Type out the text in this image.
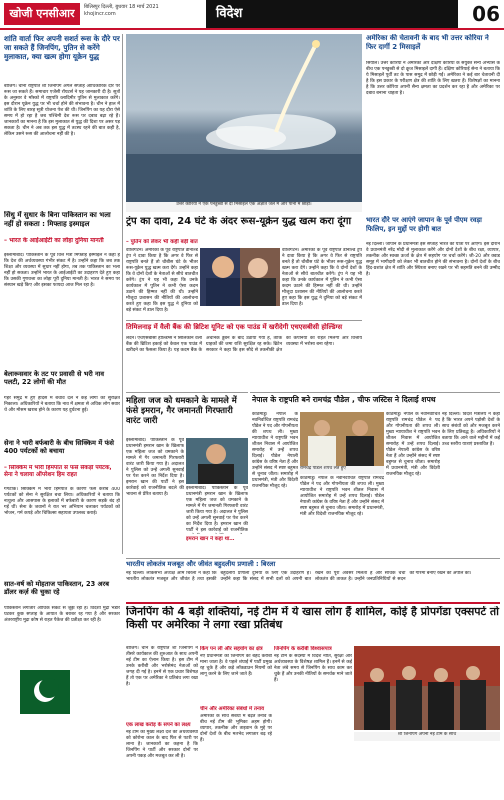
खोजी एनसीआर	बिलिस्पुर दिल्ली, बुधवार 18 मार्च 2021
khojincr.com	विदेश	06
शांति वार्ता फिर अपनी सशर्त रूस के दौरे पर जा सकते हैं जिनपिंग, पुतिन से करेंगे मुलाकात, क्या खत्म होगा यूक्रेन युद्ध
बीजिंग। चीनी राष्ट्रपति शी जिनपिंग अगले सप्ताह आधिकारिक दौरे पर रूस जा सकते हैं। समाचार एजेंसी रॉयटर्स ने यह जानकारी दी है। सूत्रों के अनुसार वे मॉस्को में राष्ट्रपति व्लादिमीर पुतिन से मुलाकात करेंगे। इस दौरान यूक्रेन युद्ध पर भी चर्चा होने की संभावना है। चीन ने हाल में शांति के लिए बारह सूत्री योजना पेश की थी। जिनपिंग का यह दौरा ऐसे समय में हो रहा है जब पश्चिमी देश रूस पर दबाव बढ़ा रहे हैं। जानकारों का मानना है कि इस मुलाकात से युद्ध की दिशा पर असर पड़ सकता है। चीन ने अब तक इस युद्ध में तटस्थ रहने की बात कही है, लेकिन उसने रूस की आलोचना नहीं की है।
सिंधु में सुधार के बिना पाकिस्तान का भला नहीं हो सकता : मिफ्ताह इस्माइल
– भारत के आईआईटी का लोहा दुनिया मानती
इस्लामाबाद। पाकिस्तान के पूर्व वित्त मंत्री मिफ्ताह इस्माइल ने कहा है कि देश की अर्थव्यवस्था गंभीर संकट में है। उन्होंने कहा कि जब तक शिक्षा और व्यवस्था में सुधार नहीं होगा, तब तक पाकिस्तान का भला नहीं हो सकता। उन्होंने भारत के आईआईटी का उदाहरण देते हुए कहा कि उसकी गुणवत्ता का लोहा पूरी दुनिया मानती है। भारत ने समय पर संस्थान खड़े किए और इसका फायदा आज मिल रहा है।
बेलारूसवार के तट पर प्रवासी से भरी नाव पलटी, 22 लोगों की मौत
गहरे समुद्र में हुए हादसे में बचाव दल ने कई लोगों को सुरक्षित निकाला। अधिकारियों ने बताया कि नाव में क्षमता से अधिक लोग सवार थे और मौसम खराब होने के कारण यह दुर्घटना हुई।
सेना ने भारी बर्फबारी के बीच सिक्किम में फंसे 400 पर्यटकों को बचाया
– सिक्किम में भारी हिमपात से फंसे सैकड़ों पर्यटक, सेना ने चलाया ऑपरेशन हिम राहत
गंगटोक। सिक्किम में भारी हिमपात के कारण फंसे करीब 400 पर्यटकों को सेना ने सुरक्षित बचा लिया। अधिकारियों ने बताया कि नाथुला और आसपास के इलाकों में बर्फबारी के कारण सड़कें बंद हो गई थीं। सेना के जवानों ने रात भर अभियान चलाकर पर्यटकों को भोजन, गर्म कपड़े और चिकित्सा सहायता उपलब्ध कराई।
सात-वर्ष को मोहताज पाकिस्तान, 23 अरब डॉलर कर्ज़ की चुका रहे
पाकिस्तान लगातार आर्थिक संकट से जूझ रहा है। विदेशी मुद्रा भंडार घटकर कुछ सप्ताह के आयात के बराबर रह गया है और सरकार अंतरराष्ट्रीय मुद्रा कोष से राहत पैकेज की प्रतीक्षा कर रही है।
उत्तर कोरिया ने एक पनडुब्बी से दो मिसाइलें एक अज्ञात जल में और पानी में छोड़ी।
अमेरिका की चेतावनी के बाद भी उत्तर कोरिया ने फिर दागीं 2 मिसाइलें
सियोल। उत्तर कोरिया ने अमेरिका और दक्षिण कोरिया के संयुक्त सैन्य अभ्यास के बीच एक पनडुब्बी से दो क्रूज मिसाइलें दागी हैं। दक्षिण कोरियाई सेना ने बताया कि ये मिसाइलें पूर्वी तट के पास समुद्र में छोड़ी गईं। अमेरिका ने कई बार चेतावनी दी है कि इस प्रकार के परीक्षण क्षेत्र की शांति के लिए खतरा हैं। विशेषज्ञों का मानना है कि उत्तर कोरिया अपनी सैन्य क्षमता का प्रदर्शन कर रहा है और अमेरिका पर दबाव बनाना चाहता है।
ट्रंप का दावा, 24 घंटे के अंदर रूस-यूक्रेन युद्ध खत्म करा दूंगा
– पुतिन को लेकर भी कही बड़ी बात
वाशिंगटन। अमेरिका के पूर्व राष्ट्रपति डोनाल्ड ट्रंप ने दावा किया है कि अगर वे फिर से राष्ट्रपति बनते हैं तो चौबीस घंटे के भीतर रूस-यूक्रेन युद्ध खत्म करा देंगे। उन्होंने कहा कि वे दोनों देशों के नेताओं से सीधे बातचीत करेंगे। ट्रंप ने यह भी कहा कि उनके कार्यकाल में पुतिन ने कभी ऐसा कदम उठाने की हिम्मत नहीं की थी। उन्होंने मौजूदा प्रशासन की नीतियों की आलोचना करते हुए कहा कि इस युद्ध ने दुनिया को बड़े संकट में डाल दिया है।
वाशिंगटन। अमेरिका के पूर्व राष्ट्रपति डोनाल्ड ट्रंप ने दावा किया है कि अगर वे फिर से राष्ट्रपति बनते हैं तो चौबीस घंटे के भीतर रूस-यूक्रेन युद्ध खत्म करा देंगे। उन्होंने कहा कि वे दोनों देशों के नेताओं से सीधे बातचीत करेंगे। ट्रंप ने यह भी कहा कि उनके कार्यकाल में पुतिन ने कभी ऐसा कदम उठाने की हिम्मत नहीं की थी। उन्होंने मौजूदा प्रशासन की नीतियों की आलोचना करते हुए कहा कि इस युद्ध ने दुनिया को बड़े संकट में डाल दिया है।
भारत दौरे पर आएंगे जापान के पूर्व पीएम रवड़ा फिलिप, इन मुद्दों पर होगी बात
नई दिल्ली। जापान के प्रधानमंत्री इस सप्ताह भारत की यात्रा पर आएंगे। इस दौरान वे प्रधानमंत्री नरेंद्र मोदी से मुलाकात करेंगे और दोनों देशों के बीच रक्षा, व्यापार, तकनीक और स्वच्छ ऊर्जा के क्षेत्र में सहयोग पर चर्चा करेंगे। जी-20 और क्वाड समूह में भागीदारी को लेकर भी बातचीत होने की संभावना है। दोनों देशों के बीच हिंद-प्रशांत क्षेत्र में शांति और स्थिरता बनाए रखने पर भी सहमति बनने की उम्मीद है।
तिमिलनाड़ में वैली बैंक की ब्रिटिश यूनिट को एक पाउंड में खरीदेगी एचएसबीसी होल्डिंग्स
लंदन। एचएसबीसी होल्डिंग्स ने सिलिकॉन वैली बैंक की ब्रिटिश इकाई को केवल एक पाउंड में खरीदने का फैसला किया है। यह कदम बैंक के अचानक डूबने के बाद उठाया गया है, ताकि ग्राहकों की जमा राशि सुरक्षित रह सके। ब्रिटेन सरकार ने कहा कि इस सौदे से तकनीकी क्षेत्र की कंपनियों को राहत मिलेगी और वित्तीय व्यवस्था में भरोसा बना रहेगा।
महिला जज को धमकाने के मामले में फंसे इमरान, गैर जमानती गिरफ्तारी वारंट जारी
इस्लामाबाद। पाकिस्तान के पूर्व प्रधानमंत्री इमरान खान के खिलाफ एक महिला जज को धमकाने के मामले में गैर जमानती गिरफ्तारी वारंट जारी किया गया है। अदालत ने पुलिस को उन्हें अगली सुनवाई पर पेश करने का निर्देश दिया है। इमरान खान की पार्टी ने इस कार्रवाई को राजनीतिक बदले की भावना से प्रेरित बताया है।
इस्लामाबाद। पाकिस्तान के पूर्व प्रधानमंत्री इमरान खान के खिलाफ एक महिला जज को धमकाने के मामले में गैर जमानती गिरफ्तारी वारंट जारी किया गया है। अदालत ने पुलिस को उन्हें अगली सुनवाई पर पेश करने का निर्देश दिया है। इमरान खान की पार्टी ने इस कार्रवाई को राजनीतिक
इमरान खान ने कहा था…
नेपाल के राष्ट्रपति बने रामचंद्र पौडेल , चीफ जस्टिस ने दिलाई शपथ
काठमांडू। नेपाल के नवनिर्वाचित राष्ट्रपति रामचंद्र पौडेल ने पद और गोपनीयता की शपथ ली। मुख्य न्यायाधीश ने राष्ट्रपति भवन शीतल निवास में आयोजित समारोह में उन्हें शपथ दिलाई। पौडेल नेपाली कांग्रेस के वरिष्ठ नेता हैं और उन्होंने संसद में स्पष्ट बहुमत से चुनाव जीता। समारोह में प्रधानमंत्री, मंत्री और विदेशी राजनयिक मौजूद रहे।
रामचंद्र पौडेल शपथ लेते हुए
काठमांडू। नेपाल के नवनिर्वाचित राष्ट्रपति रामचंद्र पौडेल ने पद और गोपनीयता की शपथ ली। मुख्य न्यायाधीश ने राष्ट्रपति भवन शीतल निवास में आयोजित समारोह में उन्हें शपथ दिलाई। पौडेल नेपाली कांग्रेस के वरिष्ठ नेता हैं और उन्होंने संसद में स्पष्ट बहुमत से चुनाव जीता। समारोह में प्रधानमंत्री, मंत्री और विदेशी राजनयिक मौजूद रहे।
काठमांडू। नेपाल के नवनिर्वाचित राष्ट्रपति रामचंद्र पौडेल ने पद और गोपनीयता की शपथ ली। मुख्य न्यायाधीश ने राष्ट्रपति भवन शीतल निवास में आयोजित समारोह में उन्हें शपथ दिलाई। पौडेल नेपाली कांग्रेस के वरिष्ठ नेता हैं और उन्होंने संसद में स्पष्ट बहुमत से चुनाव जीता। समारोह में प्रधानमंत्री, मंत्री और विदेशी राजनयिक मौजूद रहे।
नई दिल्ली। विदेश मंत्रालय ने कहा है कि भारत अपने पड़ोसी देशों के साथ संबंधों को और मजबूत करने के लिए प्रतिबद्ध है। अधिकारियों ने बताया कि आने वाले महीनों में कई उच्च स्तरीय यात्राएं प्रस्तावित हैं।
भारतीय लोकतंत्र मजबूत और जीवंत बहुदलीय प्रणाली : बिरला
नई दिल्ली। लोकसभा अध्यक्ष ओम बिरला ने कहा कि भारतीय लोकतंत्र मजबूत और जीवंत है तथा इसकी बहुदलीय प्रणाली दुनिया के लिए एक उदाहरण है। उन्होंने कहा कि संसद में सभी दलों को अपनी बात रखने का पूरा अवसर मिलता है और सार्थक चर्चा लोकतंत्र की ताकत है। उन्होंने जनप्रतिनिधियों से सदन की गरिमा बनाए रखने की अपील की।
जिनपिंग की 4 बड़ी शक्तियां, नई टीम में ये खास लोग हैं शामिल, कोई है प्रोपगेंडा एक्सपर्ट तो किसी पर अमेरिका ने लगा रखा प्रतिबंध
बीजिंग। चीन के राष्ट्रपति शी जिनपिंग ने तीसरे कार्यकाल की शुरुआत के साथ अपनी नई टीम का ऐलान किया है। इस टीम में उनके करीबी और भरोसेमंद नेताओं को जगह दी गई है। इनमें से एक प्रचार विशेषज्ञ हैं तो एक पर अमेरिका ने प्रतिबंध लगा रखा है।
एक लाख करोड़ के सपने का लक्ष्य
नई टीम का मुख्य लक्ष्य देश की अर्थव्यवस्था को कोरोना काल के बाद फिर से पटरी पर लाना है। जानकारों का कहना है कि जिनपिंग ने पार्टी और सरकार दोनों पर अपनी पकड़ और मजबूत कर ली है।
किंग पन ली और सहयोग का क्षेत्र
नए प्रधानमंत्री को जिनपिंग का बेहद करीबी माना जाता है। वे पहले शंघाई में पार्टी प्रमुख रह चुके हैं और कड़े लॉकडाउन नियमों को लागू करने के लिए जाने जाते हैं।
चीन और अमेरिका संबंधों में तनाव
अमेरिका के साथ संबंधों में बढ़ते तनाव के बीच नई टीम की भूमिका अहम होगी। व्यापार, तकनीक और ताइवान के मुद्दे पर दोनों देशों के बीच मतभेद लगातार बढ़ रहे हैं।
जिनपिंग के करीबी विश्वासपात्र
नई टीम के सदस्यों में विदेश नीति, सुरक्षा और अर्थव्यवस्था के विशेषज्ञ शामिल हैं। इनमें से कई नेता लंबे समय से जिनपिंग के साथ काम कर चुके हैं और उनकी नीतियों के समर्थक माने जाते हैं।
शी जिनपिंग अपनी नई टीम के साथ
